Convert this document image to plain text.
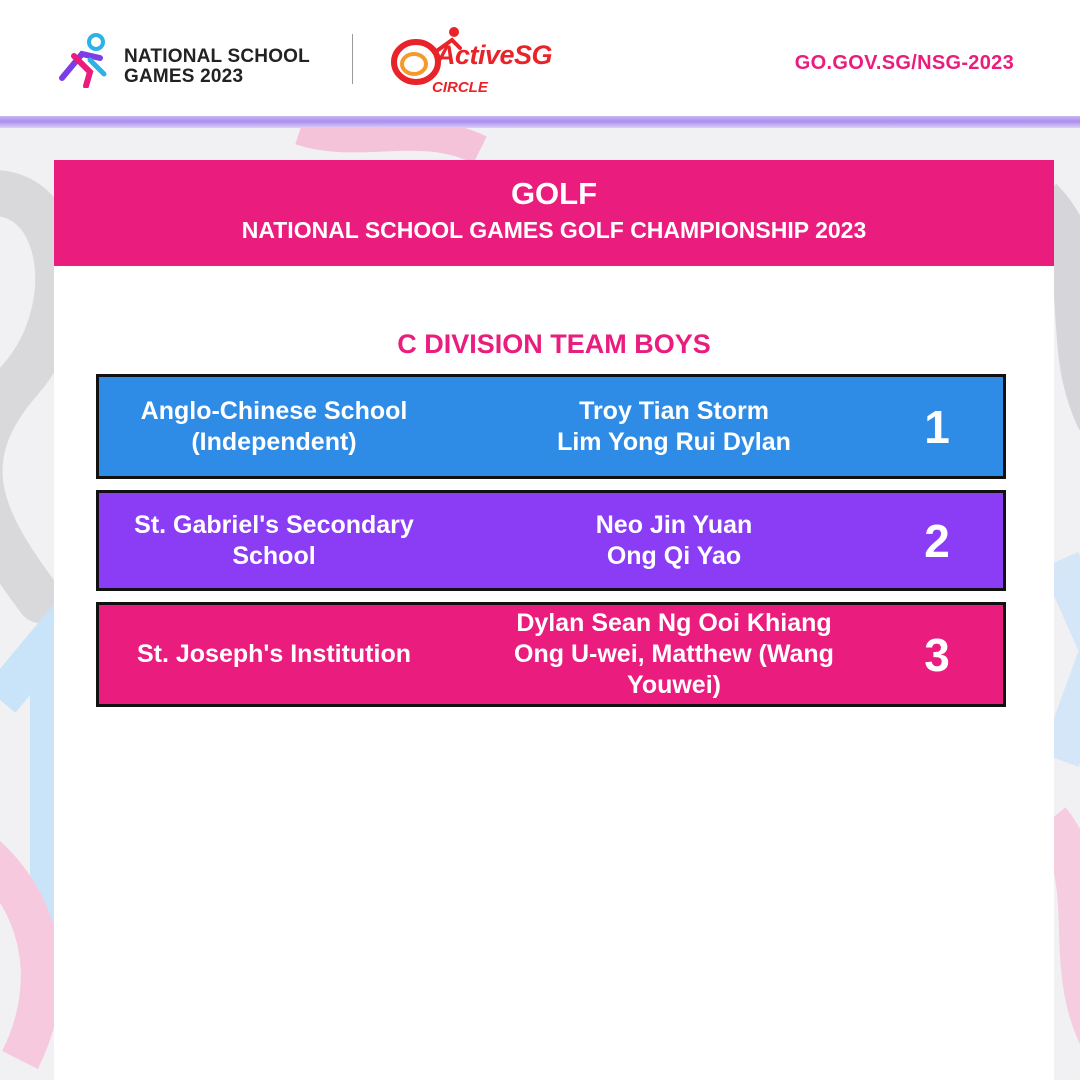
NATIONAL SCHOOL
GAMES 2023
ActiveSG
CIRCLE
GO.GOV.SG/NSG-2023
GOLF
NATIONAL SCHOOL GAMES GOLF CHAMPIONSHIP 2023
C DIVISION TEAM BOYS
Anglo-Chinese School (Independent)
Troy Tian Storm
Lim Yong Rui Dylan	1
St. Gabriel's Secondary School
Neo Jin Yuan
Ong Qi Yao	2
St. Joseph's Institution
Dylan Sean Ng Ooi Khiang
Ong U-wei, Matthew (Wang Youwei)
3
